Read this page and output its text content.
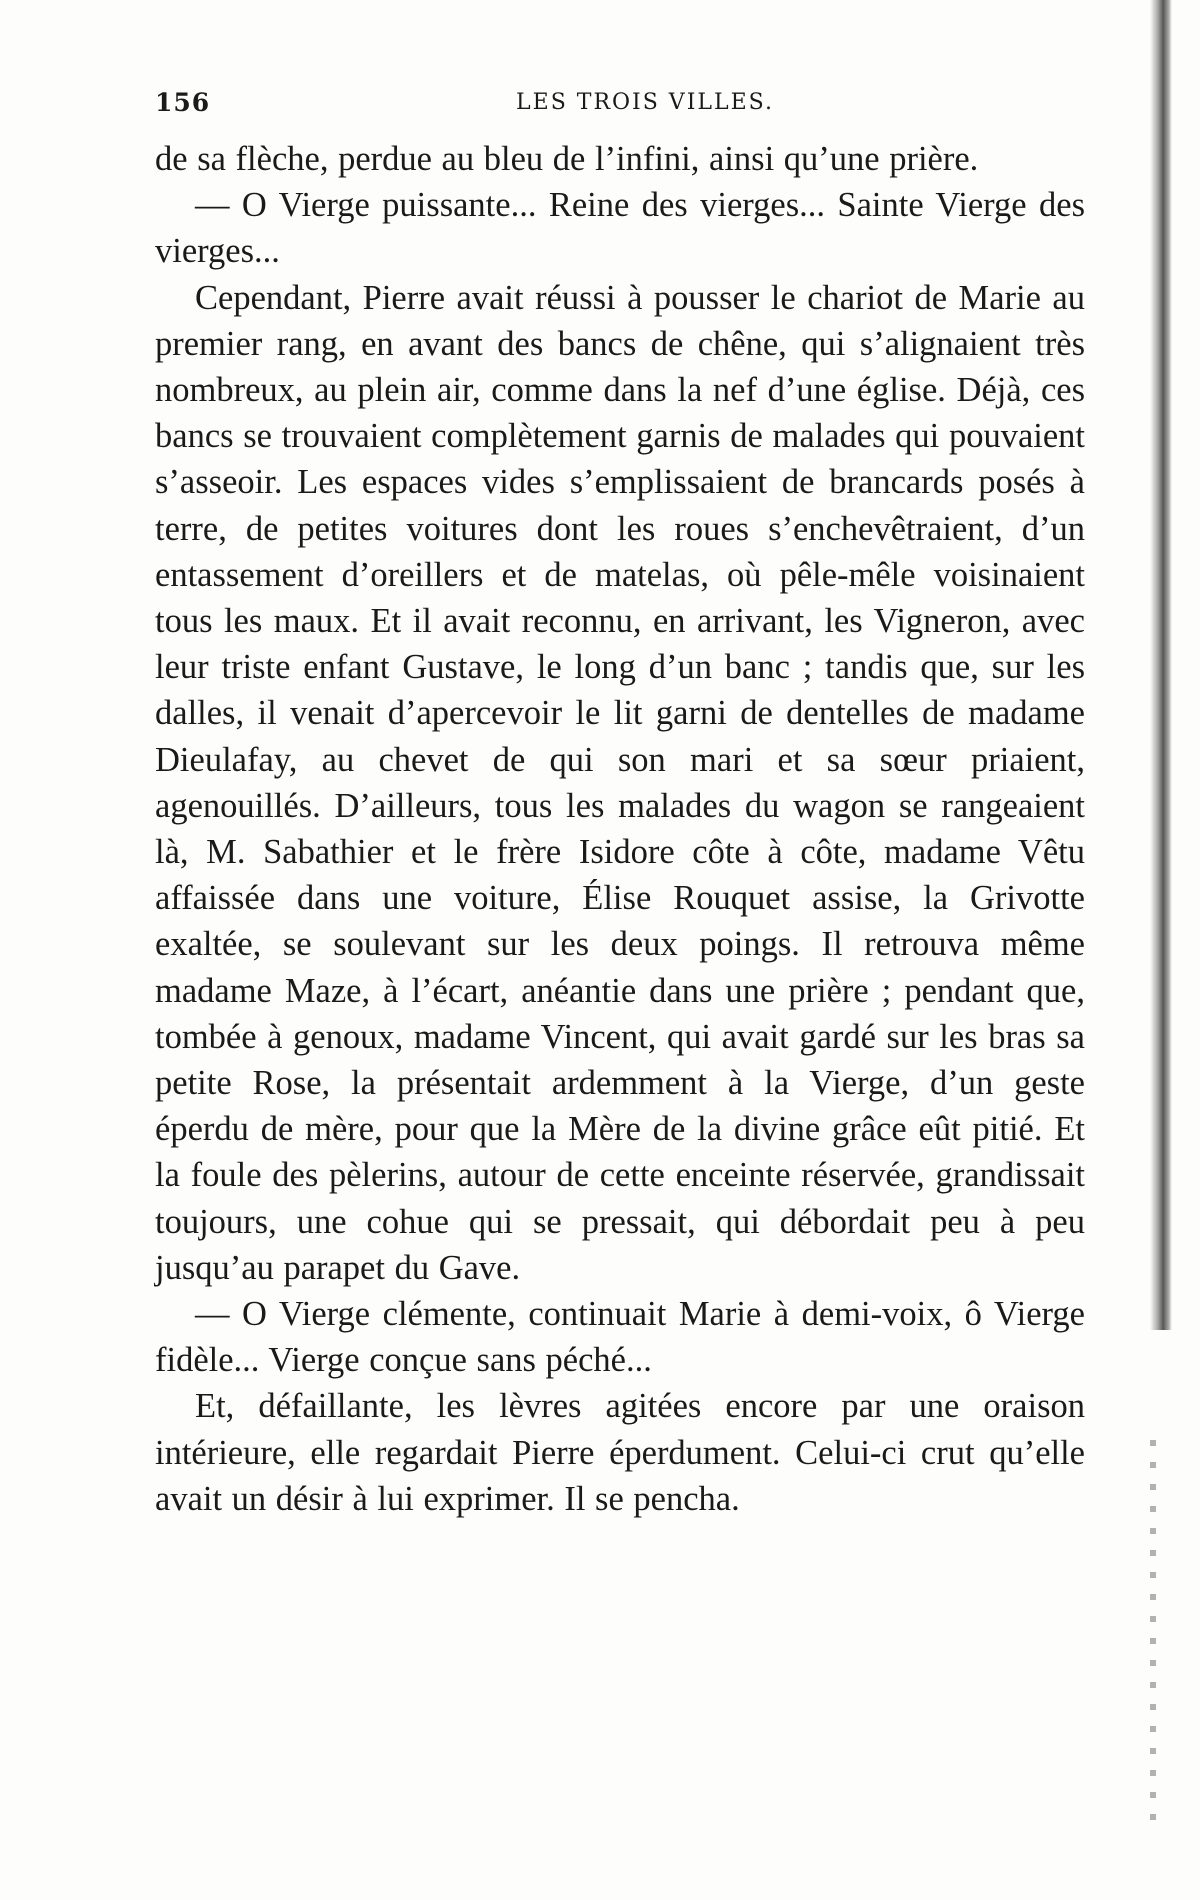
156	LES TROIS VILLES.

de sa flèche, perdue au bleu de l’infini, ainsi qu’une prière.

— O Vierge puissante... Reine des vierges... Sainte Vierge des vierges...

Cependant, Pierre avait réussi à pousser le chariot de Marie au premier rang, en avant des bancs de chêne, qui s’alignaient très nombreux, au plein air, comme dans la nef d’une église. Déjà, ces bancs se trouvaient complètement garnis de malades qui pouvaient s’asseoir. Les espaces vides s’emplissaient de brancards posés à terre, de petites voitures dont les roues s’enchevêtraient, d’un entassement d’oreillers et de matelas, où pêle-mêle voisinaient tous les maux. Et il avait reconnu, en arrivant, les Vigneron, avec leur triste enfant Gustave, le long d’un banc ; tandis que, sur les dalles, il venait d’apercevoir le lit garni de dentelles de madame Dieulafay, au chevet de qui son mari et sa sœur priaient, agenouillés. D’ailleurs, tous les malades du wagon se rangeaient là, M. Sabathier et le frère Isidore côte à côte, madame Vêtu affaissée dans une voiture, Élise Rouquet assise, la Grivotte exaltée, se soulevant sur les deux poings. Il retrouva même madame Maze, à l’écart, anéantie dans une prière ; pendant que, tombée à genoux, madame Vincent, qui avait gardé sur les bras sa petite Rose, la présentait ardemment à la Vierge, d’un geste éperdu de mère, pour que la Mère de la divine grâce eût pitié. Et la foule des pèlerins, autour de cette enceinte réservée, grandissait toujours, une cohue qui se pressait, qui débordait peu à peu jusqu’au parapet du Gave.

— O Vierge clémente, continuait Marie à demi-voix, ô Vierge fidèle... Vierge conçue sans péché...

Et, défaillante, les lèvres agitées encore par une oraison intérieure, elle regardait Pierre éperdument. Celui-ci crut qu’elle avait un désir à lui exprimer. Il se pencha.
